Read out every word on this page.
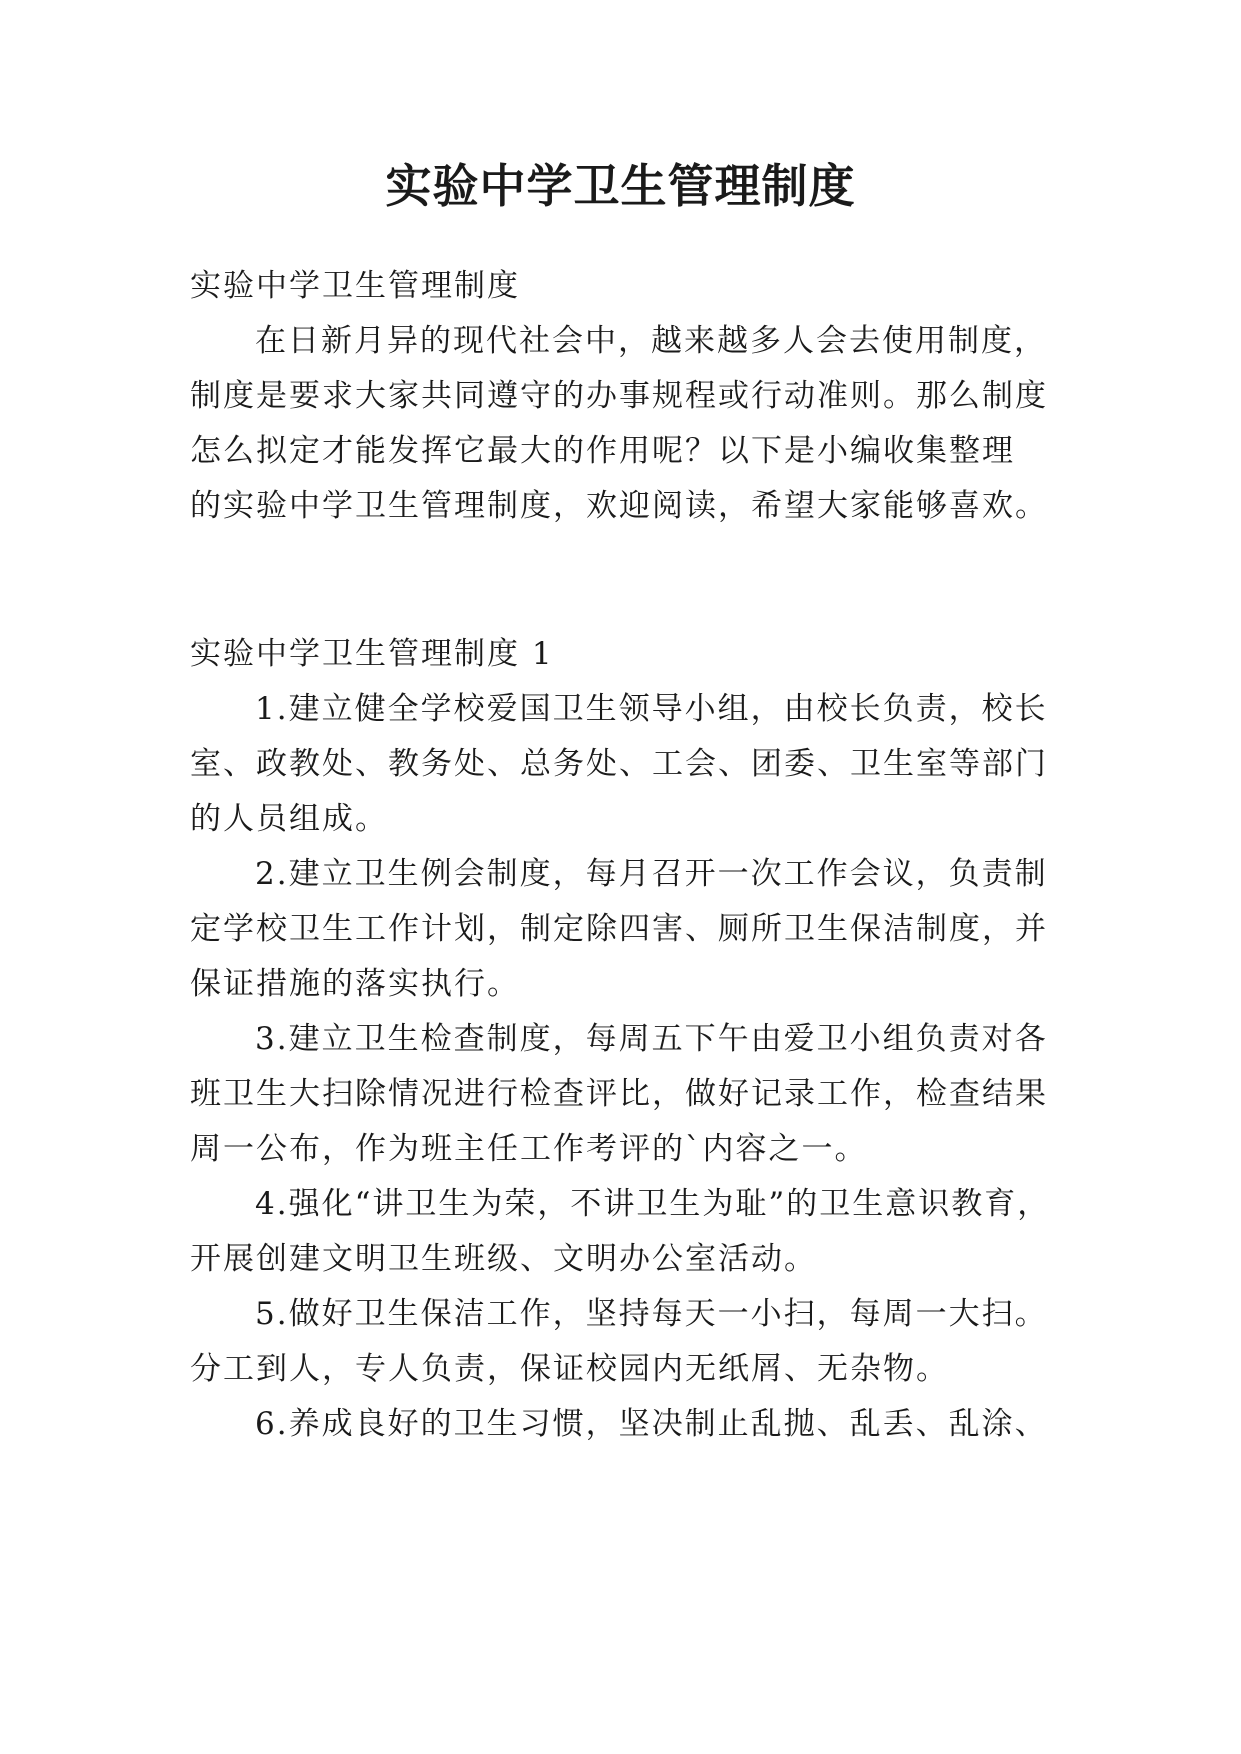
实验中学卫生管理制度
实验中学卫生管理制度
在日新月异的现代社会中，越来越多人会去使用制度，
制度是要求大家共同遵守的办事规程或行动准则。那么制度
怎么拟定才能发挥它最大的作用呢？以下是小编收集整理
的实验中学卫生管理制度，欢迎阅读，希望大家能够喜欢。
实验中学卫生管理制度 1
1.建立健全学校爱国卫生领导小组，由校长负责，校长
室、政教处、教务处、总务处、工会、团委、卫生室等部门
的人员组成。
2.建立卫生例会制度，每月召开一次工作会议，负责制
定学校卫生工作计划，制定除四害、厕所卫生保洁制度，并
保证措施的落实执行。
3.建立卫生检查制度，每周五下午由爱卫小组负责对各
班卫生大扫除情况进行检查评比，做好记录工作，检查结果
周一公布，作为班主任工作考评的`内容之一。
4.强化“讲卫生为荣，不讲卫生为耻”的卫生意识教育，
开展创建文明卫生班级、文明办公室活动。
5.做好卫生保洁工作，坚持每天一小扫，每周一大扫。
分工到人，专人负责，保证校园内无纸屑、无杂物。
6.养成良好的卫生习惯，坚决制止乱抛、乱丢、乱涂、
